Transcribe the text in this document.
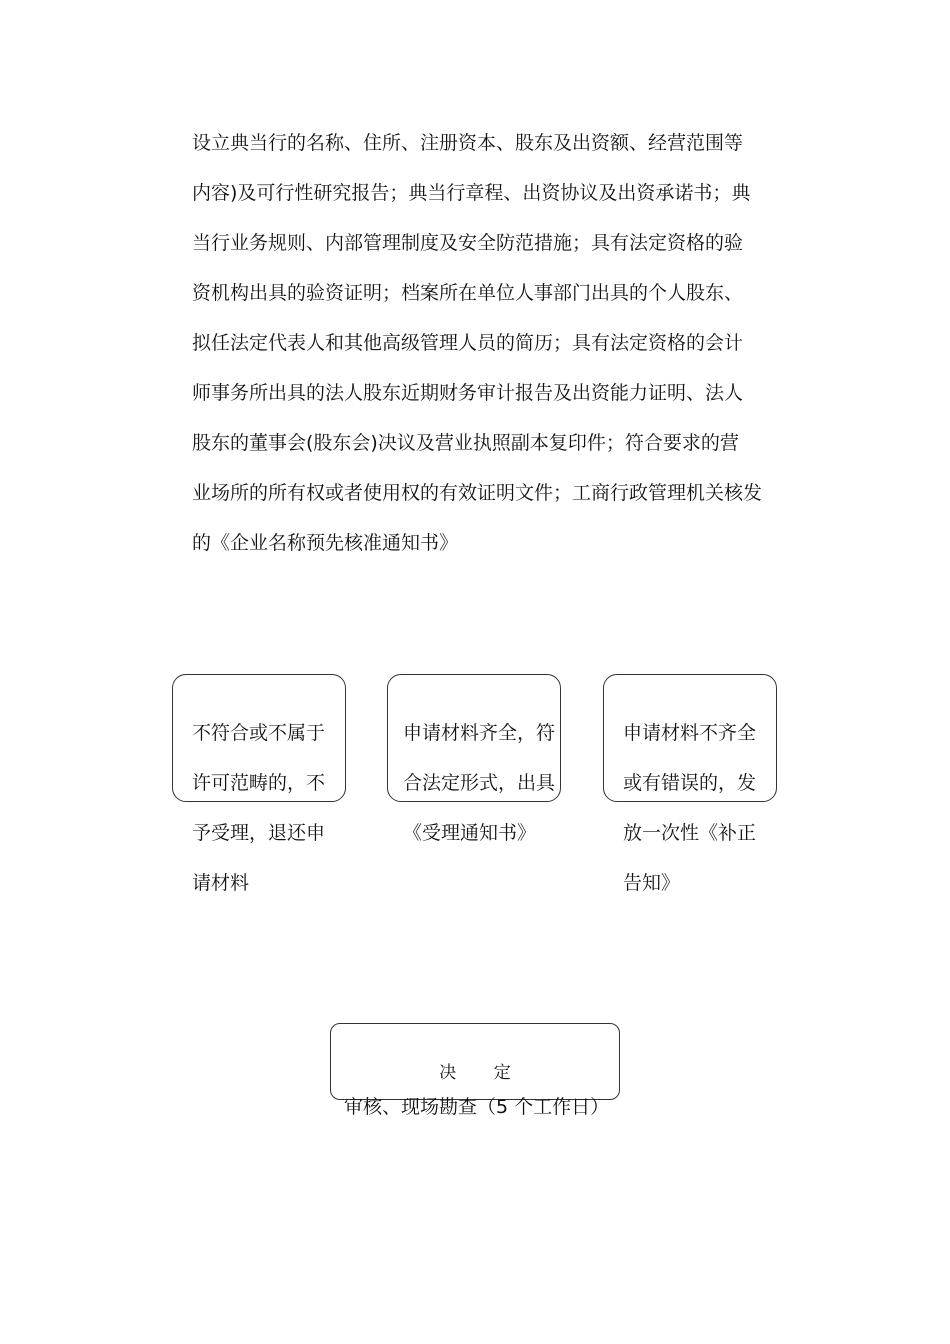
设立典当行的名称、住所、注册资本、股东及出资额、经营范围等
内容)及可行性研究报告；典当行章程、出资协议及出资承诺书；典
当行业务规则、内部管理制度及安全防范措施；具有法定资格的验
资机构出具的验资证明；档案所在单位人事部门出具的个人股东、
拟任法定代表人和其他高级管理人员的简历；具有法定资格的会计
师事务所出具的法人股东近期财务审计报告及出资能力证明、法人
股东的董事会(股东会)决议及营业执照副本复印件；符合要求的营
业场所的所有权或者使用权的有效证明文件；工商行政管理机关核发
的《企业名称预先核准通知书》
不符合或不属于
许可范畴的，不
予受理，退还申
请材料
申请材料齐全，符
合法定形式，出具
《受理通知书》
申请材料不齐全
或有错误的，发
放一次性《补正
告知》
决 定
审核、现场勘查（5 个工作日）
